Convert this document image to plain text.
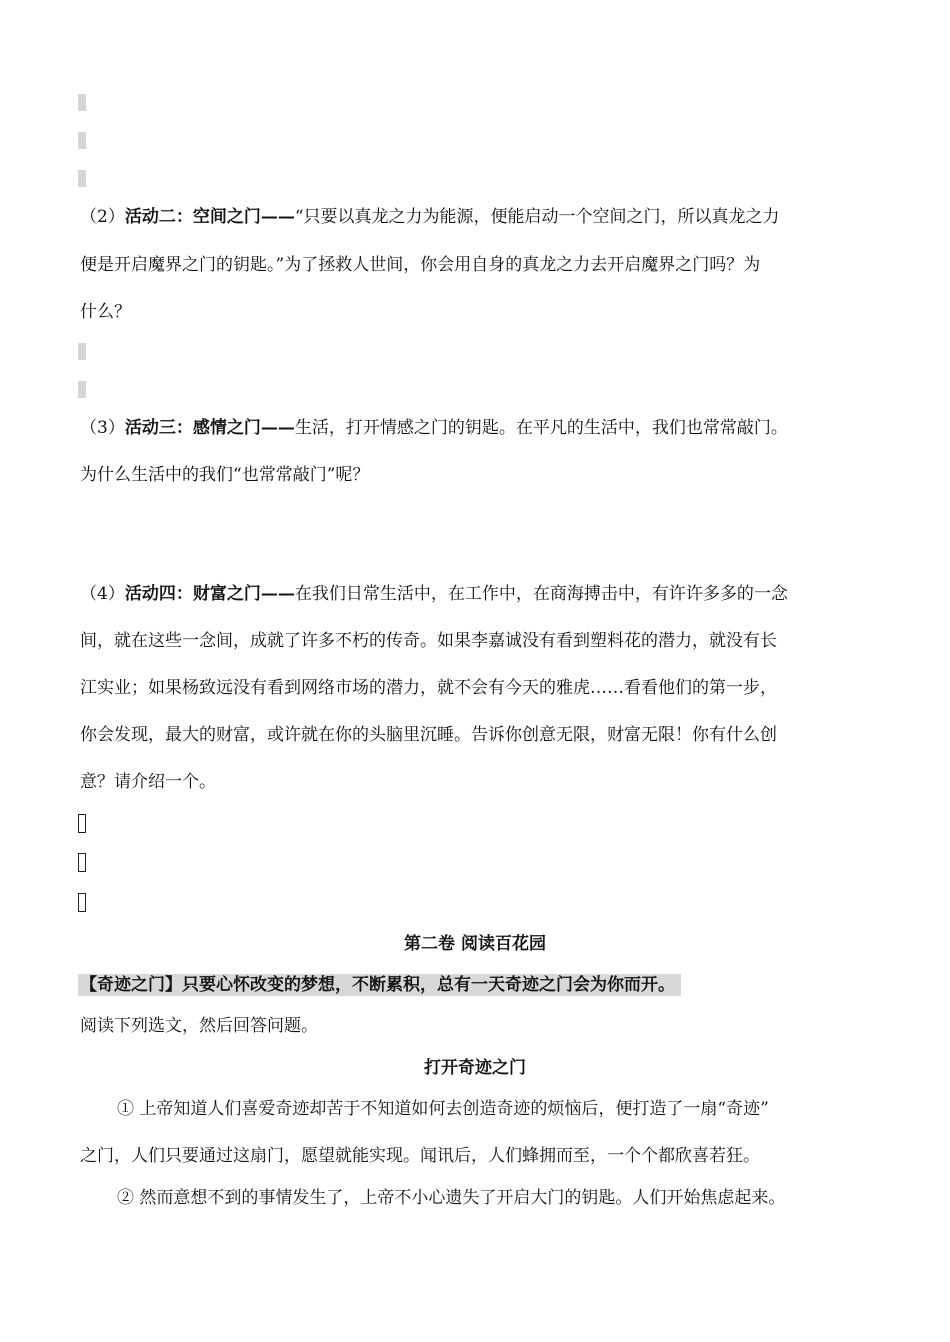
（2）活动二：空间之门——“只要以真龙之力为能源，便能启动一个空间之门，所以真龙之力
便是开启魔界之门的钥匙。”为了拯救人世间，你会用自身的真龙之力去开启魔界之门吗？为
什么？
（3）活动三：感情之门——生活，打开情感之门的钥匙。在平凡的生活中，我们也常常敲门。
为什么生活中的我们“也常常敲门”呢？
（4）活动四：财富之门——在我们日常生活中，在工作中，在商海搏击中，有许许多多的一念
间，就在这些一念间，成就了许多不朽的传奇。如果李嘉诚没有看到塑料花的潜力，就没有长
江实业；如果杨致远没有看到网络市场的潜力，就不会有今天的雅虎……看看他们的第一步，
你会发现，最大的财富，或许就在你的头脑里沉睡。告诉你创意无限，财富无限！你有什么创
意？请介绍一个。
第二卷 阅读百花园
【奇迹之门】只要心怀改变的梦想，不断累积，总有一天奇迹之门会为你而开。
阅读下列选文，然后回答问题。
打开奇迹之门
① 上帝知道人们喜爱奇迹却苦于不知道如何去创造奇迹的烦恼后，便打造了一扇“奇迹”
之门，人们只要通过这扇门，愿望就能实现。闻讯后，人们蜂拥而至，一个个都欣喜若狂。
② 然而意想不到的事情发生了，上帝不小心遗失了开启大门的钥匙。人们开始焦虑起来。
